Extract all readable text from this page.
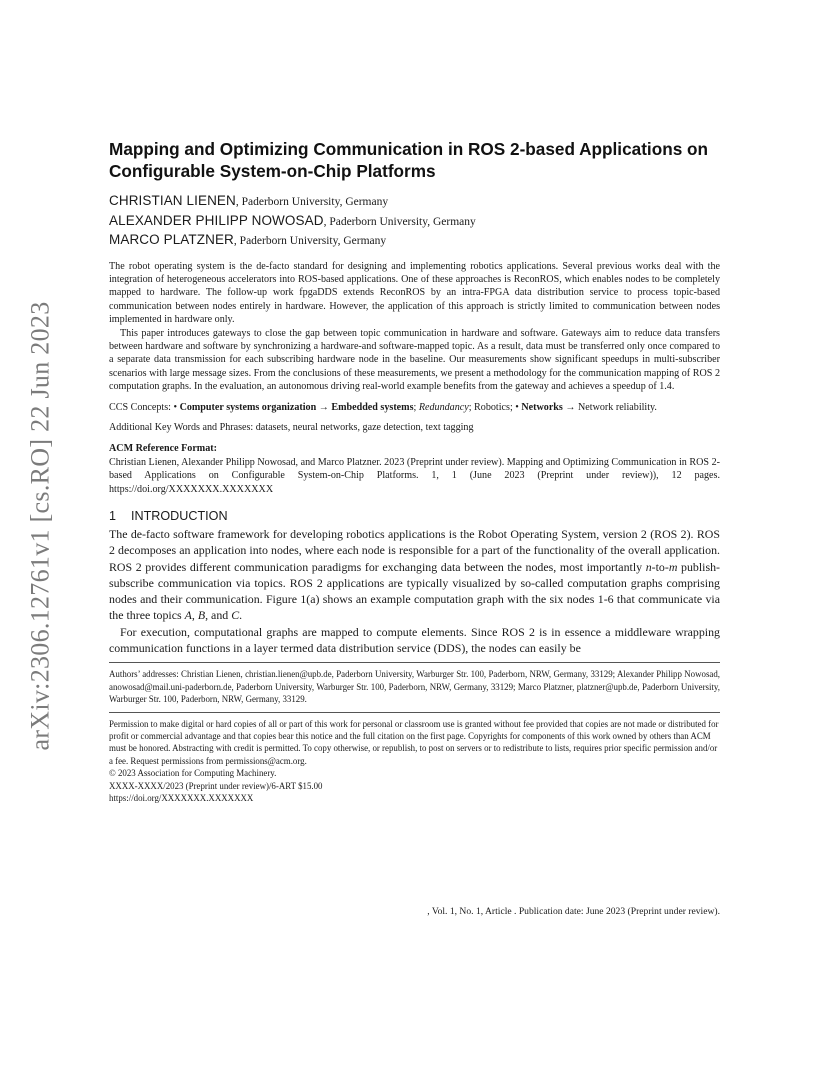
arXiv:2306.12761v1 [cs.RO] 22 Jun 2023
Mapping and Optimizing Communication in ROS 2-based Applications on Configurable System-on-Chip Platforms
CHRISTIAN LIENEN, Paderborn University, Germany
ALEXANDER PHILIPP NOWOSAD, Paderborn University, Germany
MARCO PLATZNER, Paderborn University, Germany

The robot operating system is the de-facto standard for designing and implementing robotics applications. Several previous works deal with the integration of heterogeneous accelerators into ROS-based applications. One of these approaches is ReconROS, which enables nodes to be completely mapped to hardware. The follow-up work fpgaDDS extends ReconROS by an intra-FPGA data distribution service to process topic-based communication between nodes entirely in hardware. However, the application of this approach is strictly limited to communication between nodes implemented in hardware only.

This paper introduces gateways to close the gap between topic communication in hardware and software. Gateways aim to reduce data transfers between hardware and software by synchronizing a hardware-and software-mapped topic. As a result, data must be transferred only once compared to a separate data transmission for each subscribing hardware node in the baseline. Our measurements show significant speedups in multi-subscriber scenarios with large message sizes. From the conclusions of these measurements, we present a methodology for the communication mapping of ROS 2 computation graphs. In the evaluation, an autonomous driving real-world example benefits from the gateway and achieves a speedup of 1.4.

CCS Concepts: • Computer systems organization → Embedded systems; Redundancy; Robotics; • Networks → Network reliability.
Additional Key Words and Phrases: datasets, neural networks, gaze detection, text tagging
ACM Reference Format:
Christian Lienen, Alexander Philipp Nowosad, and Marco Platzner. 2023 (Preprint under review). Mapping and Optimizing Communication in ROS 2-based Applications on Configurable System-on-Chip Platforms. 1, 1 (June 2023 (Preprint under review)), 12 pages. https://doi.org/XXXXXXX.XXXXXXX
1 INTRODUCTION

The de-facto software framework for developing robotics applications is the Robot Operating System, version 2 (ROS 2). ROS 2 decomposes an application into nodes, where each node is responsible for a part of the functionality of the overall application. ROS 2 provides different communication paradigms for exchanging data between the nodes, most importantly n-to-m publish-subscribe communication via topics. ROS 2 applications are typically visualized by so-called computation graphs comprising nodes and their communication. Figure 1(a) shows an example computation graph with the six nodes 1-6 that communicate via the three topics A, B, and C.

For execution, computational graphs are mapped to compute elements. Since ROS 2 is in essence a middleware wrapping communication functions in a layer termed data distribution service (DDS), the nodes can easily be

Authors’ addresses: Christian Lienen, christian.lienen@upb.de, Paderborn University, Warburger Str. 100, Paderborn, NRW, Germany, 33129; Alexander Philipp Nowosad, anowosad@mail.uni-paderborn.de, Paderborn University, Warburger Str. 100, Paderborn, NRW, Germany, 33129; Marco Platzner, platzner@upb.de, Paderborn University, Warburger Str. 100, Paderborn, NRW, Germany, 33129.

Permission to make digital or hard copies of all or part of this work for personal or classroom use is granted without fee provided that copies are not made or distributed for profit or commercial advantage and that copies bear this notice and the full citation on the first page. Copyrights for components of this work owned by others than ACM must be honored. Abstracting with credit is permitted. To copy otherwise, or republish, to post on servers or to redistribute to lists, requires prior specific permission and/or a fee. Request permissions from permissions@acm.org.

© 2023 Association for Computing Machinery.

XXXX-XXXX/2023 (Preprint under review)/6-ART $15.00

https://doi.org/XXXXXXX.XXXXXXX

, Vol. 1, No. 1, Article . Publication date: June 2023 (Preprint under review).
